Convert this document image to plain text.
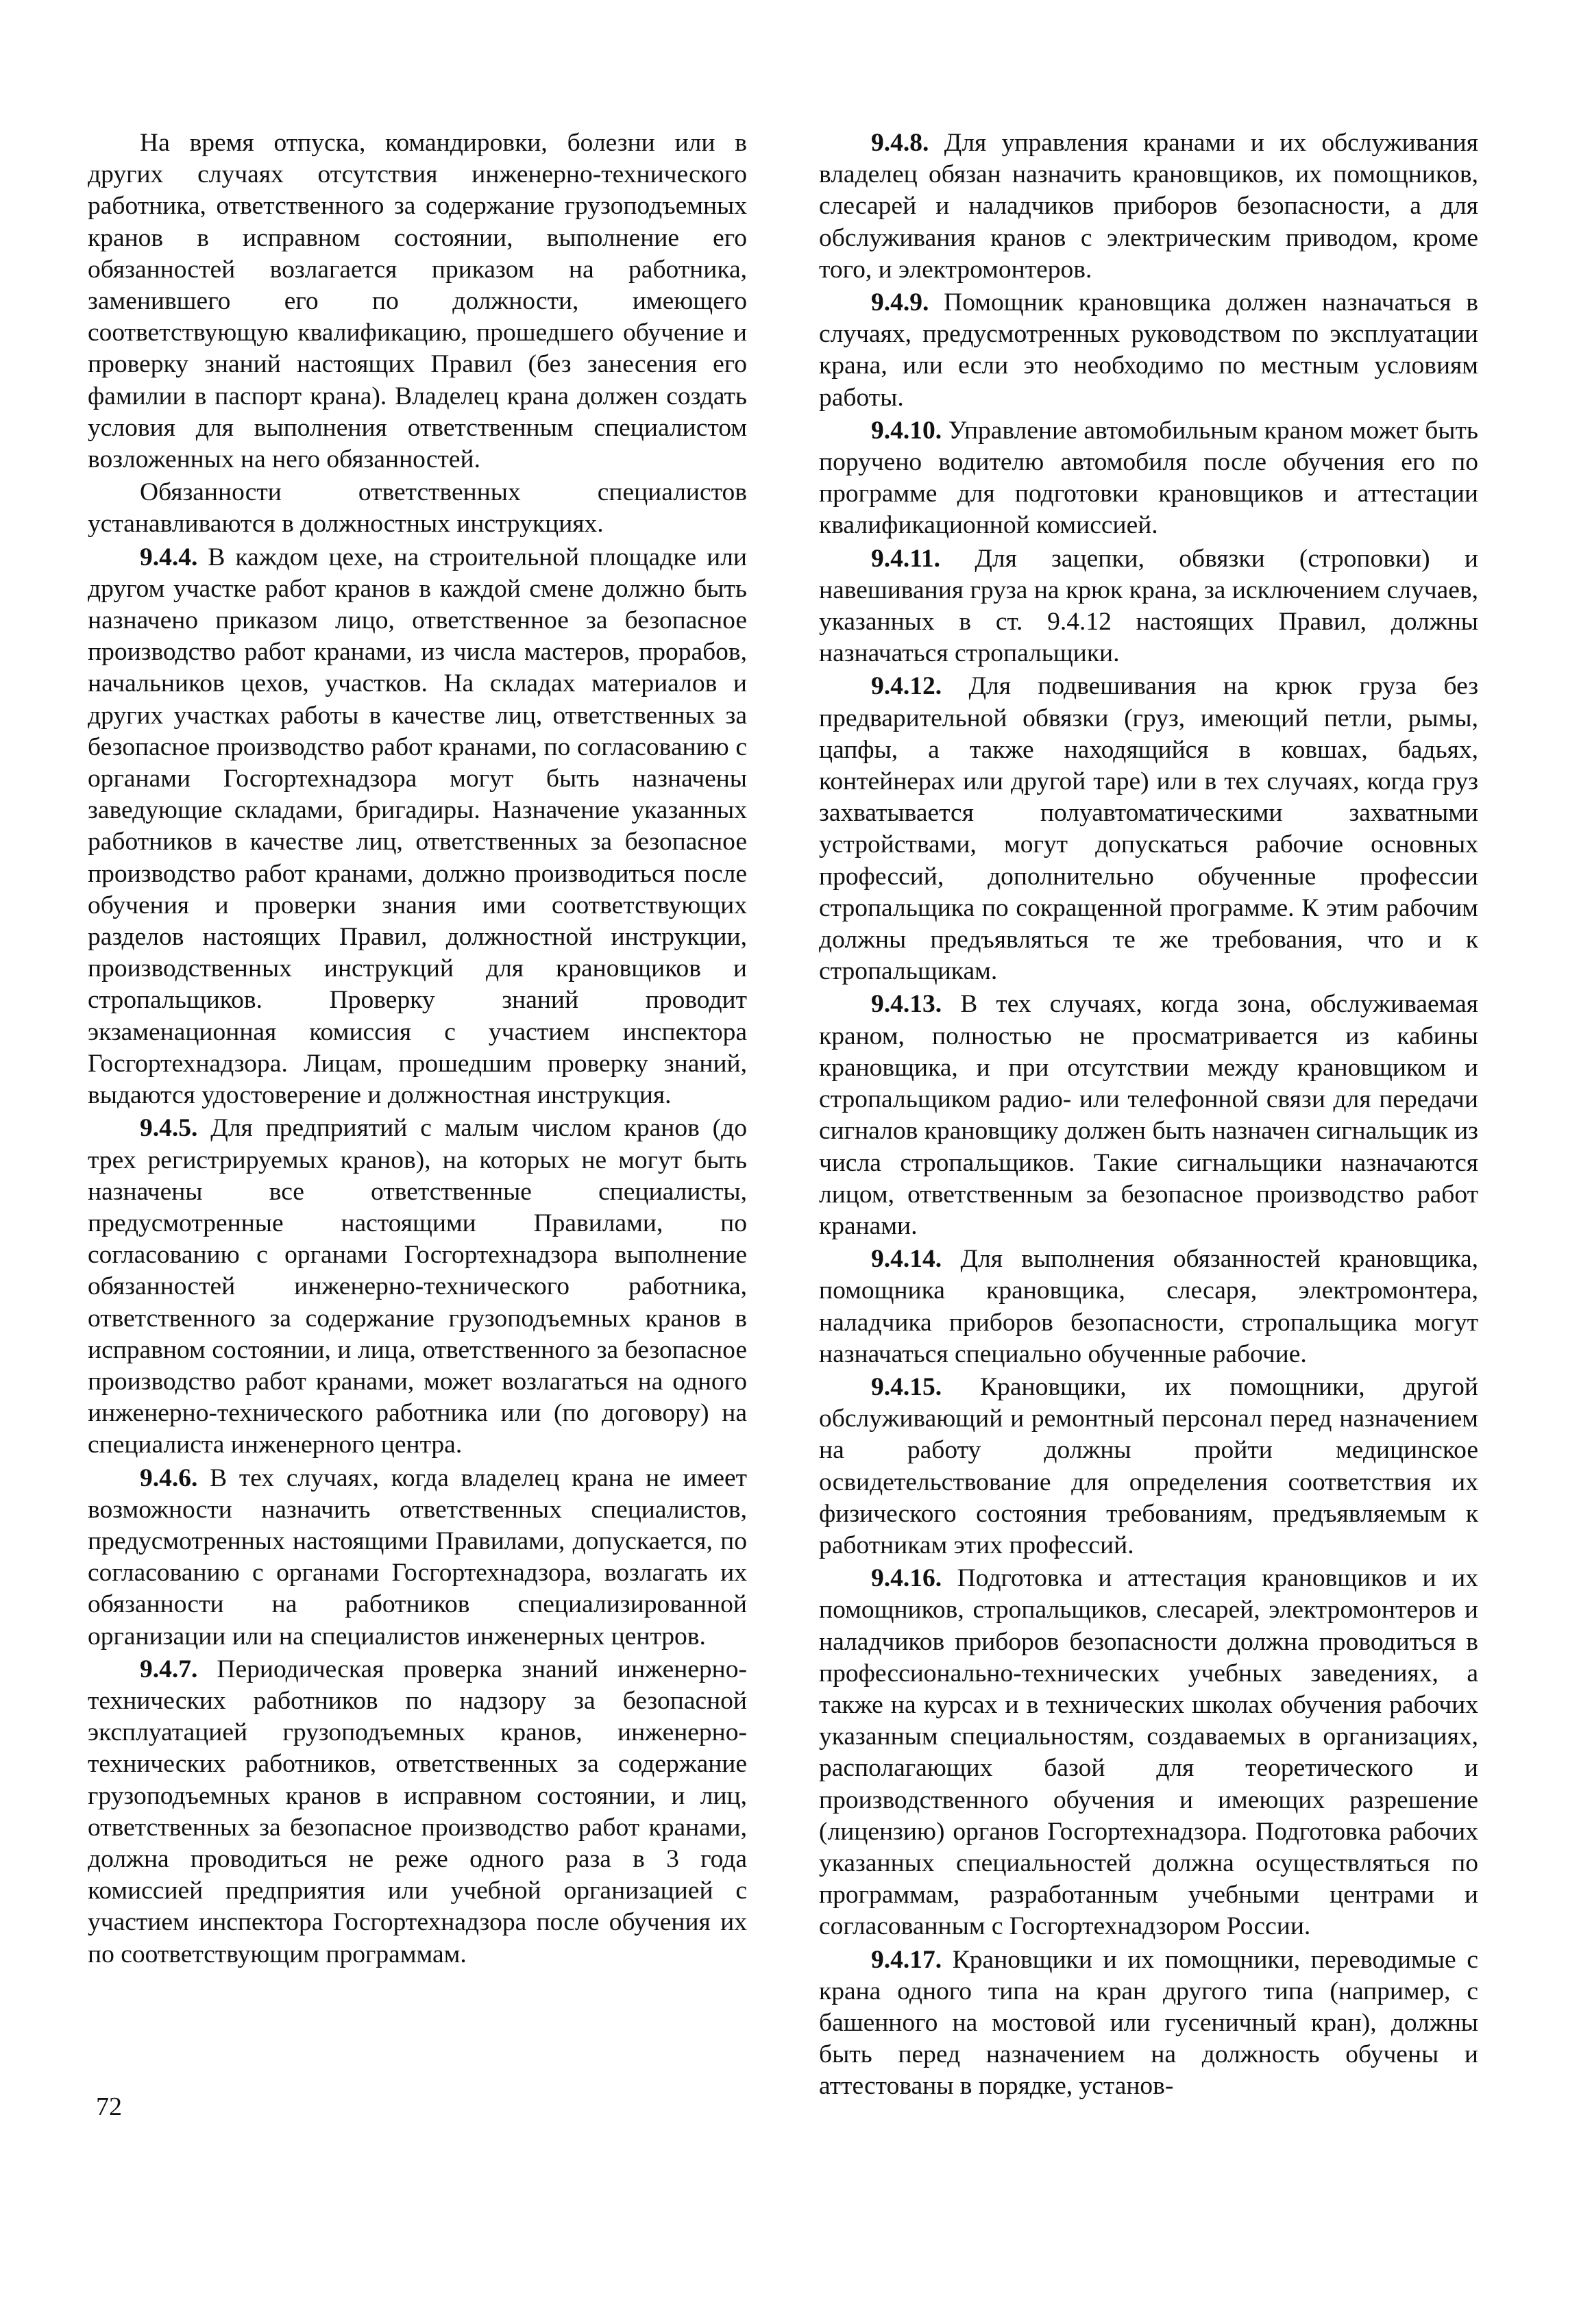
На время отпуска, командировки, болезни или в других случаях отсутствия инженерно-технического работника, ответственного за содержание грузоподъемных кранов в исправном состоянии, выполнение его обязанностей возлагается приказом на работника, заменившего его по должности, имеющего соответствующую квалификацию, прошедшего обучение и проверку знаний настоящих Правил (без занесения его фамилии в паспорт крана). Владелец крана должен создать условия для выполнения ответственным специалистом возложенных на него обязанностей.

Обязанности ответственных специалистов устанавливаются в должностных инструкциях.

9.4.4. В каждом цехе, на строительной площадке или другом участке работ кранов в каждой смене должно быть назначено приказом лицо, ответственное за безопасное производство работ кранами, из числа мастеров, прорабов, начальников цехов, участков. На складах материалов и других участках работы в качестве лиц, ответственных за безопасное производство работ кранами, по согласованию с органами Госгортехнадзора могут быть назначены заведующие складами, бригадиры. Назначение указанных работников в качестве лиц, ответственных за безопасное производство работ кранами, должно производиться после обучения и проверки знания ими соответствующих разделов настоящих Правил, должностной инструкции, производственных инструкций для крановщиков и стропальщиков. Проверку знаний проводит экзаменационная комиссия с участием инспектора Госгортехнадзора. Лицам, прошедшим проверку знаний, выдаются удостоверение и должностная инструкция.

9.4.5. Для предприятий с малым числом кранов (до трех регистрируемых кранов), на которых не могут быть назначены все ответственные специалисты, предусмотренные настоящими Правилами, по согласованию с органами Госгортехнадзора выполнение обязанностей инженерно-технического работника, ответственного за содержание грузоподъемных кранов в исправном состоянии, и лица, ответственного за безопасное производство работ кранами, может возлагаться на одного инженерно-технического работника или (по договору) на специалиста инженерного центра.

9.4.6. В тех случаях, когда владелец крана не имеет возможности назначить ответственных специалистов, предусмотренных настоящими Правилами, допускается, по согласованию с органами Госгортехнадзора, возлагать их обязанности на работников специализированной организации или на специалистов инженерных центров.

9.4.7. Периодическая проверка знаний инженерно-технических работников по надзору за безопасной эксплуатацией грузоподъемных кранов, инженерно-технических работников, ответственных за содержание грузоподъемных кранов в исправном состоянии, и лиц, ответственных за безопасное производство работ кранами, должна проводиться не реже одного раза в 3 года комиссией предприятия или учебной организацией с участием инспектора Госгортехнадзора после обучения их по соответствующим программам.

9.4.8. Для управления кранами и их обслуживания владелец обязан назначить крановщиков, их помощников, слесарей и наладчиков приборов безопасности, а для обслуживания кранов с электрическим приводом, кроме того, и электромонтеров.

9.4.9. Помощник крановщика должен назначаться в случаях, предусмотренных руководством по эксплуатации крана, или если это необходимо по местным условиям работы.

9.4.10. Управление автомобильным краном может быть поручено водителю автомобиля после обучения его по программе для подготовки крановщиков и аттестации квалификационной комиссией.

9.4.11. Для зацепки, обвязки (строповки) и навешивания груза на крюк крана, за исключением случаев, указанных в ст. 9.4.12 настоящих Правил, должны назначаться стропальщики.

9.4.12. Для подвешивания на крюк груза без предварительной обвязки (груз, имеющий петли, рымы, цапфы, а также находящийся в ковшах, бадьях, контейнерах или другой таре) или в тех случаях, когда груз захватывается полуавтоматическими захватными устройствами, могут допускаться рабочие основных профессий, дополнительно обученные профессии стропальщика по сокращенной программе. К этим рабочим должны предъявляться те же требования, что и к стропальщикам.

9.4.13. В тех случаях, когда зона, обслуживаемая краном, полностью не просматривается из кабины крановщика, и при отсутствии между крановщиком и стропальщиком радио- или телефонной связи для передачи сигналов крановщику должен быть назначен сигнальщик из числа стропальщиков. Такие сигнальщики назначаются лицом, ответственным за безопасное производство работ кранами.

9.4.14. Для выполнения обязанностей крановщика, помощника крановщика, слесаря, электромонтера, наладчика приборов безопасности, стропальщика могут назначаться специально обученные рабочие.

9.4.15. Крановщики, их помощники, другой обслуживающий и ремонтный персонал перед назначением на работу должны пройти медицинское освидетельствование для определения соответствия их физического состояния требованиям, предъявляемым к работникам этих профессий.

9.4.16. Подготовка и аттестация крановщиков и их помощников, стропальщиков, слесарей, электромонтеров и наладчиков приборов безопасности должна проводиться в профессионально-технических учебных заведениях, а также на курсах и в технических школах обучения рабочих указанным специальностям, создаваемых в организациях, располагающих базой для теоретического и производственного обучения и имеющих разрешение (лицензию) органов Госгортехнадзора. Подготовка рабочих указанных специальностей должна осуществляться по программам, разработанным учебными центрами и согласованным с Госгортехнадзором России.

9.4.17. Крановщики и их помощники, переводимые с крана одного типа на кран другого типа (например, с башенного на мостовой или гусеничный кран), должны быть перед назначением на должность обучены и аттестованы в порядке, установ-

72
